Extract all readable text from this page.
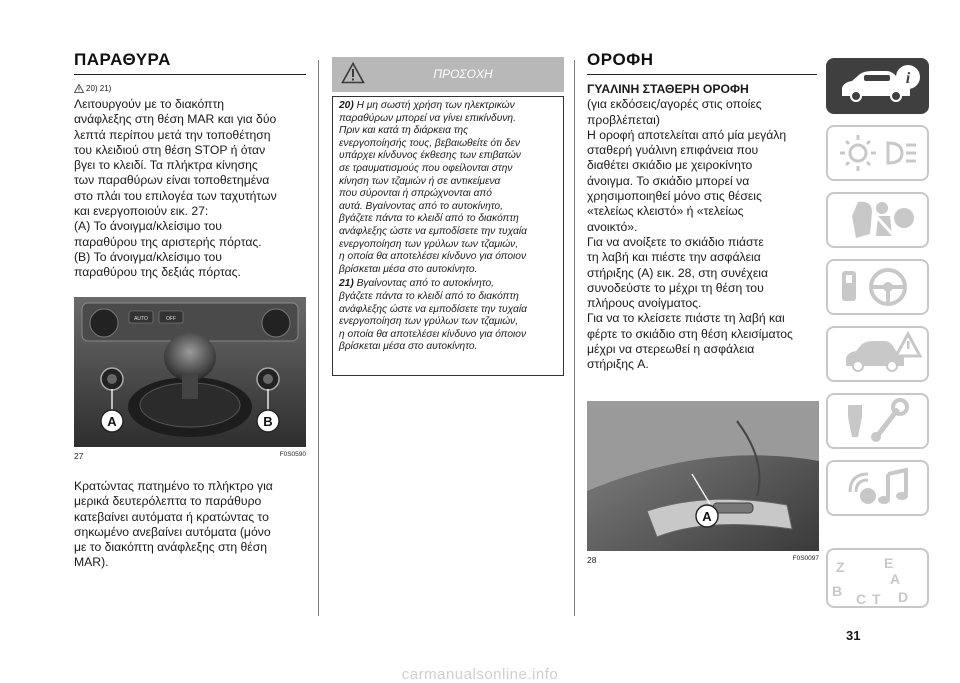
ΠΑΡΑΘΥΡΑ
20) 21)
Λειτουργούν με το διακόπτη
ανάφλεξης στη θέση MAR και για δύο
λεπτά περίπου μετά την τοποθέτηση
του κλειδιού στη θέση STOP ή όταν
βγει το κλειδί. Τα πλήκτρα κίνησης
των παραθύρων είναι τοποθετημένα
στο πλάι του επιλογέα των ταχυτήτων
και ενεργοποιούν εικ. 27:
(A) Το άνοιγμα/κλείσιμο του
παραθύρου της αριστερής πόρτας.
(B) Το άνοιγμα/κλείσιμο του
παραθύρου της δεξιάς πόρτας.
AUTO	OFF
A	B
27	F0S0590
Κρατώντας πατημένο το πλήκτρο για
μερικά δευτερόλεπτα το παράθυρο
κατεβαίνει αυτόματα ή κρατώντας το
σηκωμένο ανεβαίνει αυτόματα (μόνο
με το διακόπτη ανάφλεξης στη θέση
MAR).
ΠΡΟΣΟΧΗ

20) Η μη σωστή χρήση των ηλεκτρικών
παραθύρων μπορεί να γίνει επικίνδυνη.
Πριν και κατά τη διάρκεια της
ενεργοποίησής τους, βεβαιωθείτε ότι δεν
υπάρχει κίνδυνος έκθεσης των επιβατών
σε τραυματισμούς που οφείλονται στην
κίνηση των τζαμιών ή σε αντικείμενα
που σύρονται ή σπρώχνονται από
αυτά. Βγαίνοντας από το αυτοκίνητο,
βγάζετε πάντα το κλειδί από το διακόπτη
ανάφλεξης ώστε να εμποδίσετε την τυχαία
ενεργοποίηση των γρύλων των τζαμιών,
η οποία θα αποτελέσει κίνδυνο για όποιον
βρίσκεται μέσα στο αυτοκίνητο.

21) Βγαίνοντας από το αυτοκίνητο,
βγάζετε πάντα το κλειδί από το διακόπτη
ανάφλεξης ώστε να εμποδίσετε την τυχαία
ενεργοποίηση των γρύλων των τζαμιών,
η οποία θα αποτελέσει κίνδυνο για όποιον
βρίσκεται μέσα στο αυτοκίνητο.

ΟΡΟΦΗ
ΓΥΑΛΙΝΗ ΣΤΑΘΕΡΗ ΟΡΟΦΗ
(για εκδόσεις/αγορές στις οποίες
προβλέπεται)
Η οροφή αποτελείται από μία μεγάλη
σταθερή γυάλινη επιφάνεια που
διαθέτει σκιάδιο με χειροκίνητο
άνοιγμα. Το σκιάδιο μπορεί να
χρησιμοποιηθεί μόνο στις θέσεις
«τελείως κλειστό» ή «τελείως
ανοικτό».
Για να ανοίξετε το σκιάδιο πιάστε
τη λαβή και πιέστε την ασφάλεια
στήριξης (A) εικ. 28, στη συνέχεια
συνοδεύστε το μέχρι τη θέση του
πλήρους ανοίγματος.
Για να το κλείσετε πιάστε τη λαβή και
φέρτε το σκιάδιο στη θέση κλεισίματος
μέχρι να στερεωθεί η ασφάλεια
στήριξης A.
A
28	F0S0097
i
Z	E
A
B C T D
31
carmanualsonline.info
